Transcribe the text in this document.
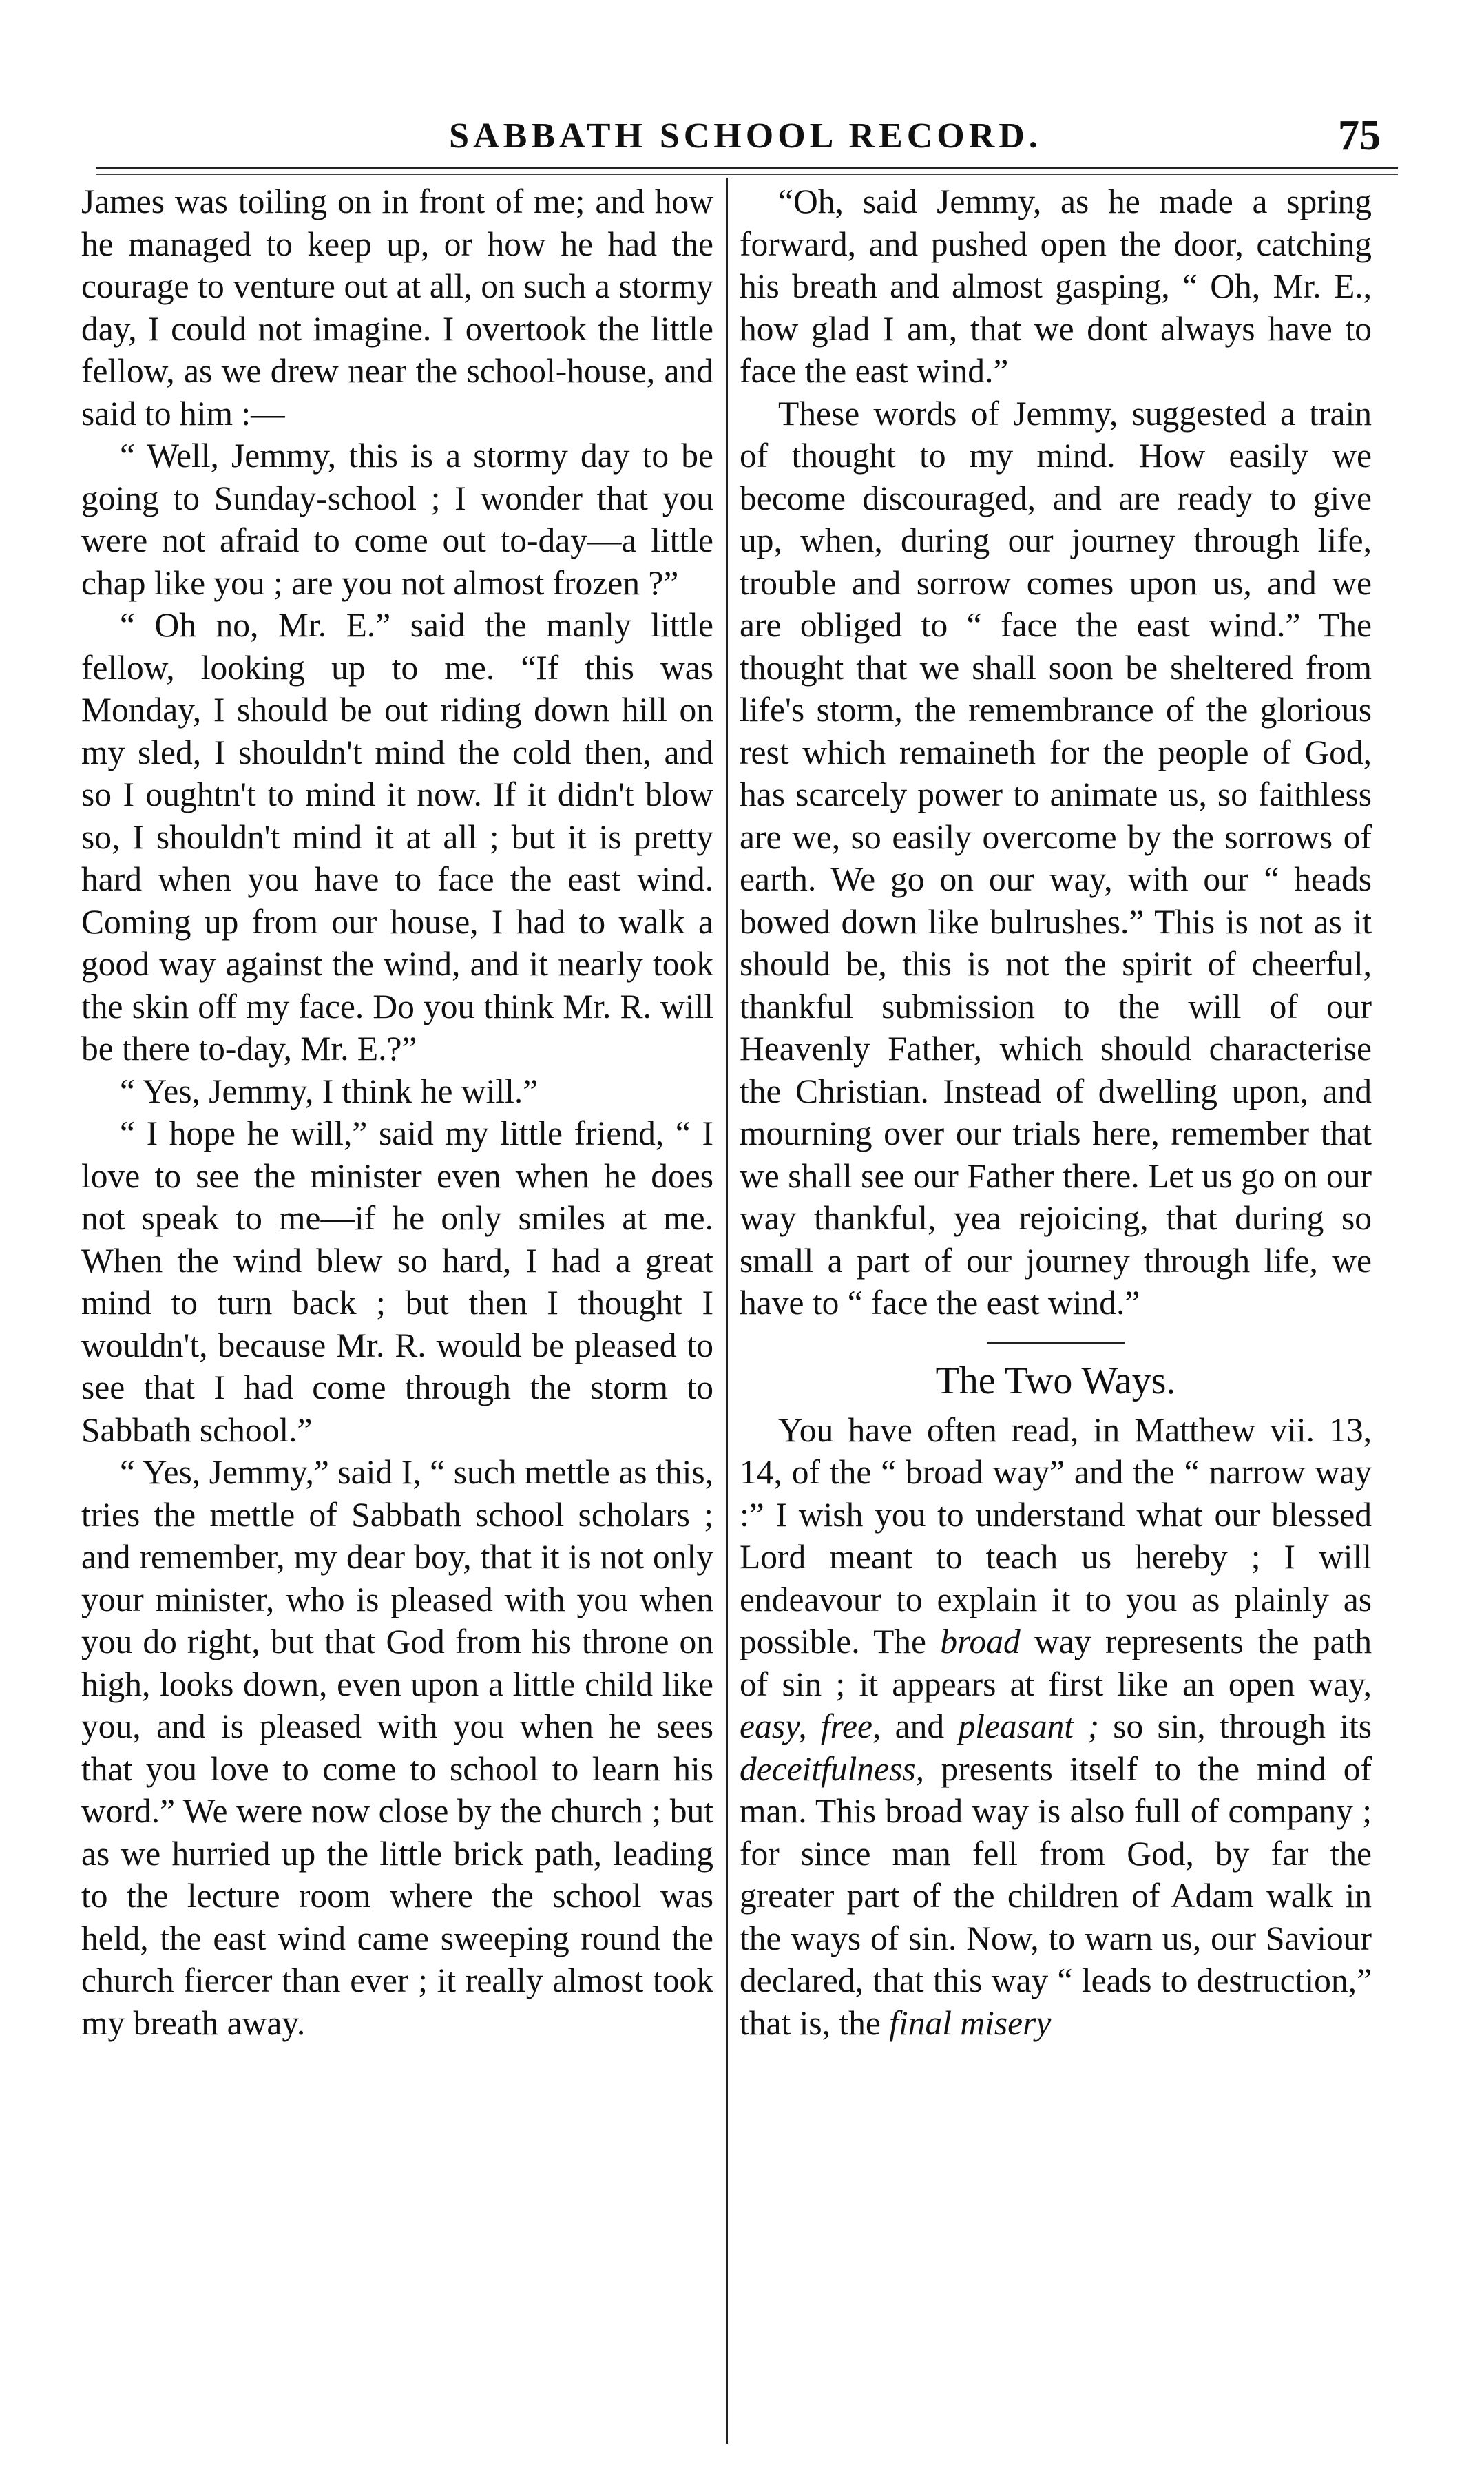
SABBATH SCHOOL RECORD.	75

James was toiling on in front of me; and how he managed to keep up, or how he had the courage to venture out at all, on such a stormy day, I could not imagine. I overtook the little fellow, as we drew near the school-house, and said to him :—

“ Well, Jemmy, this is a stormy day to be going to Sunday-school ; I wonder that you were not afraid to come out to-day—a little chap like you ; are you not almost frozen ?”

“ Oh no, Mr. E.” said the manly little fellow, looking up to me. “If this was Monday, I should be out riding down hill on my sled, I shouldn't mind the cold then, and so I oughtn't to mind it now. If it didn't blow so, I shouldn't mind it at all ; but it is pretty hard when you have to face the east wind. Coming up from our house, I had to walk a good way against the wind, and it nearly took the skin off my face. Do you think Mr. R. will be there to-day, Mr. E.?”

“ Yes, Jemmy, I think he will.”

“ I hope he will,” said my little friend, “ I love to see the minister even when he does not speak to me—if he only smiles at me. When the wind blew so hard, I had a great mind to turn back ; but then I thought I wouldn't, because Mr. R. would be pleased to see that I had come through the storm to Sabbath school.”

“ Yes, Jemmy,” said I, “ such mettle as this, tries the mettle of Sabbath school scholars ; and remember, my dear boy, that it is not only your minister, who is pleased with you when you do right, but that God from his throne on high, looks down, even upon a little child like you, and is pleased with you when he sees that you love to come to school to learn his word.” We were now close by the church ; but as we hurried up the little brick path, leading to the lecture room where the school was held, the east wind came sweeping round the church fiercer than ever ; it really almost took my breath away.

“Oh, said Jemmy, as he made a spring forward, and pushed open the door, catching his breath and almost gasping, “ Oh, Mr. E., how glad I am, that we dont always have to face the east wind.”

These words of Jemmy, suggested a train of thought to my mind. How easily we become discouraged, and are ready to give up, when, during our journey through life, trouble and sorrow comes upon us, and we are obliged to “ face the east wind.” The thought that we shall soon be sheltered from life's storm, the remembrance of the glorious rest which remaineth for the people of God, has scarcely power to animate us, so faithless are we, so easily overcome by the sorrows of earth. We go on our way, with our “ heads bowed down like bulrushes.” This is not as it should be, this is not the spirit of cheerful, thankful submission to the will of our Heavenly Father, which should characterise the Christian. Instead of dwelling upon, and mourning over our trials here, remember that we shall see our Father there. Let us go on our way thankful, yea rejoicing, that during so small a part of our journey through life, we have to “ face the east wind.”

The Two Ways.

You have often read, in Matthew vii. 13, 14, of the “ broad way” and the “ narrow way :” I wish you to understand what our blessed Lord meant to teach us hereby ; I will endeavour to explain it to you as plainly as possible. The broad way represents the path of sin ; it appears at first like an open way, easy, free, and pleasant ; so sin, through its deceitfulness, presents itself to the mind of man. This broad way is also full of company ; for since man fell from God, by far the greater part of the children of Adam walk in the ways of sin. Now, to warn us, our Saviour declared, that this way “ leads to destruction,” that is, the final misery
